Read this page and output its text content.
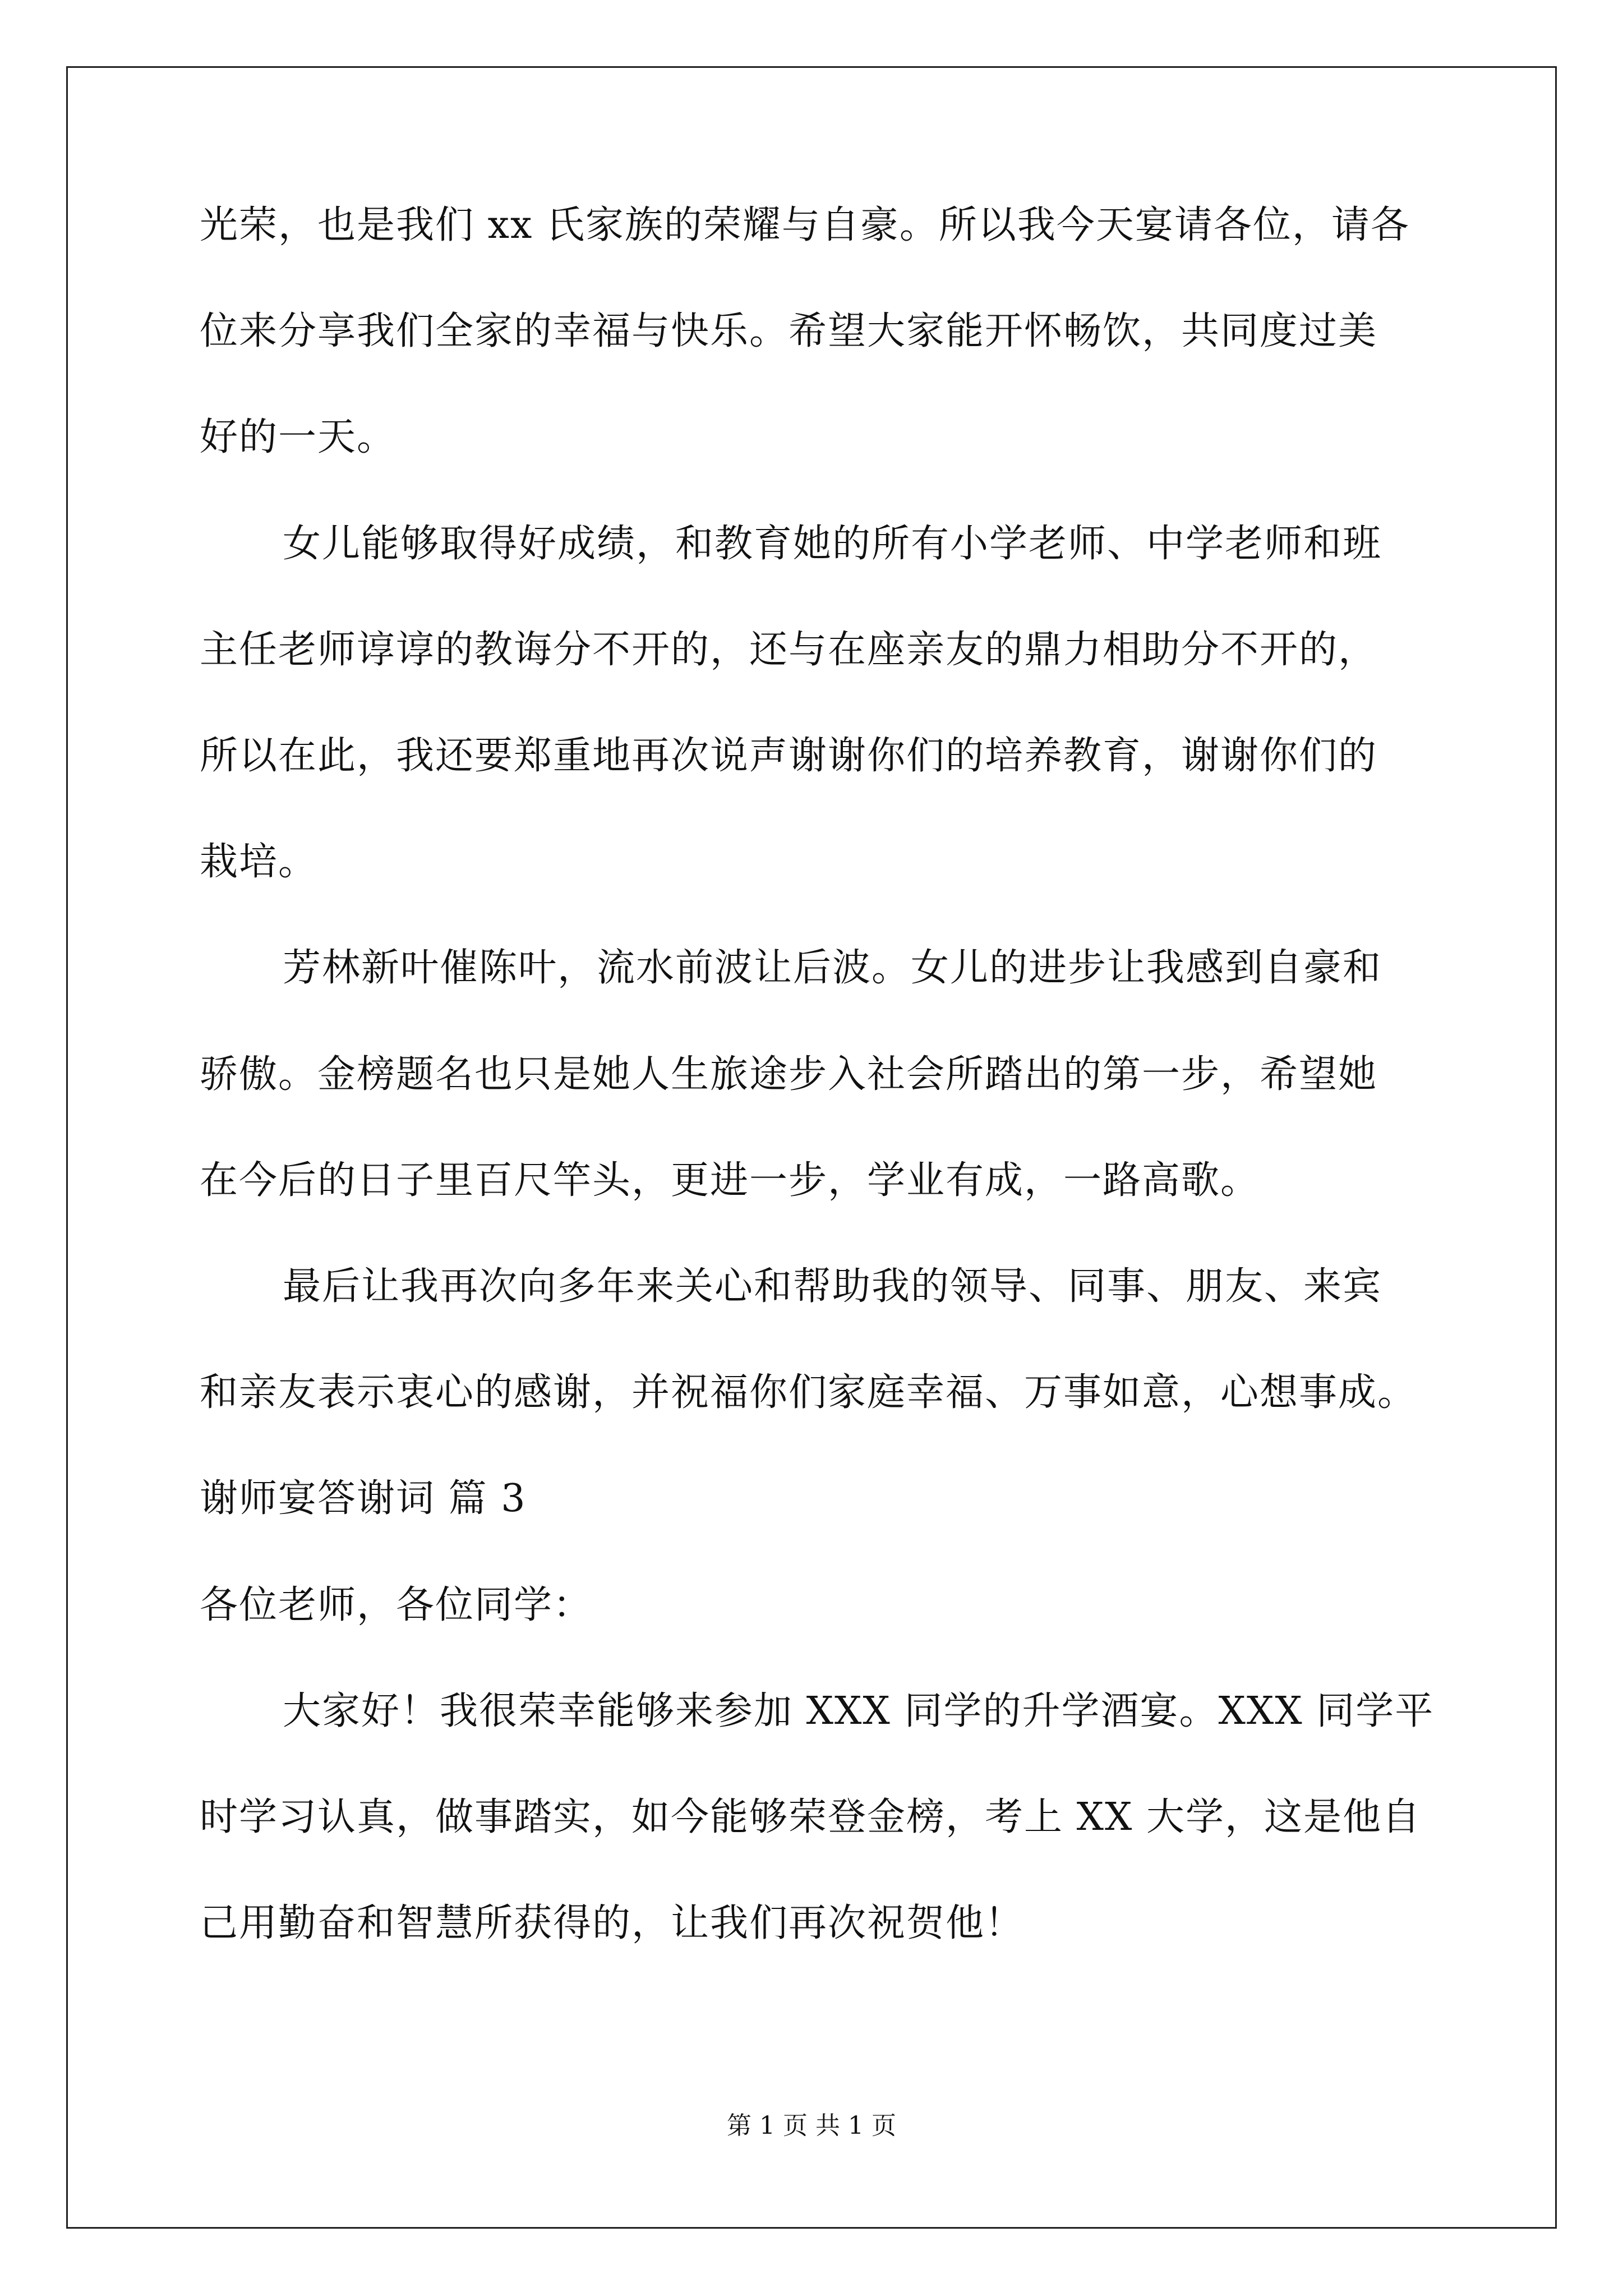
光荣，也是我们 xx 氏家族的荣耀与自豪。所以我今天宴请各位，请各
位来分享我们全家的幸福与快乐。希望大家能开怀畅饮，共同度过美
好的一天。
女儿能够取得好成绩，和教育她的所有小学老师、中学老师和班
主任老师谆谆的教诲分不开的，还与在座亲友的鼎力相助分不开的，
所以在此，我还要郑重地再次说声谢谢你们的培养教育，谢谢你们的
栽培。
芳林新叶催陈叶，流水前波让后波。女儿的进步让我感到自豪和
骄傲。金榜题名也只是她人生旅途步入社会所踏出的第一步，希望她
在今后的日子里百尺竿头，更进一步，学业有成，一路高歌。
最后让我再次向多年来关心和帮助我的领导、同事、朋友、来宾
和亲友表示衷心的感谢，并祝福你们家庭幸福、万事如意，心想事成。
谢师宴答谢词 篇 3
各位老师，各位同学：
大家好！我很荣幸能够来参加 XXX 同学的升学酒宴。XXX 同学平
时学习认真，做事踏实，如今能够荣登金榜，考上 XX 大学，这是他自
己用勤奋和智慧所获得的，让我们再次祝贺他！
第 1 页 共 1 页
